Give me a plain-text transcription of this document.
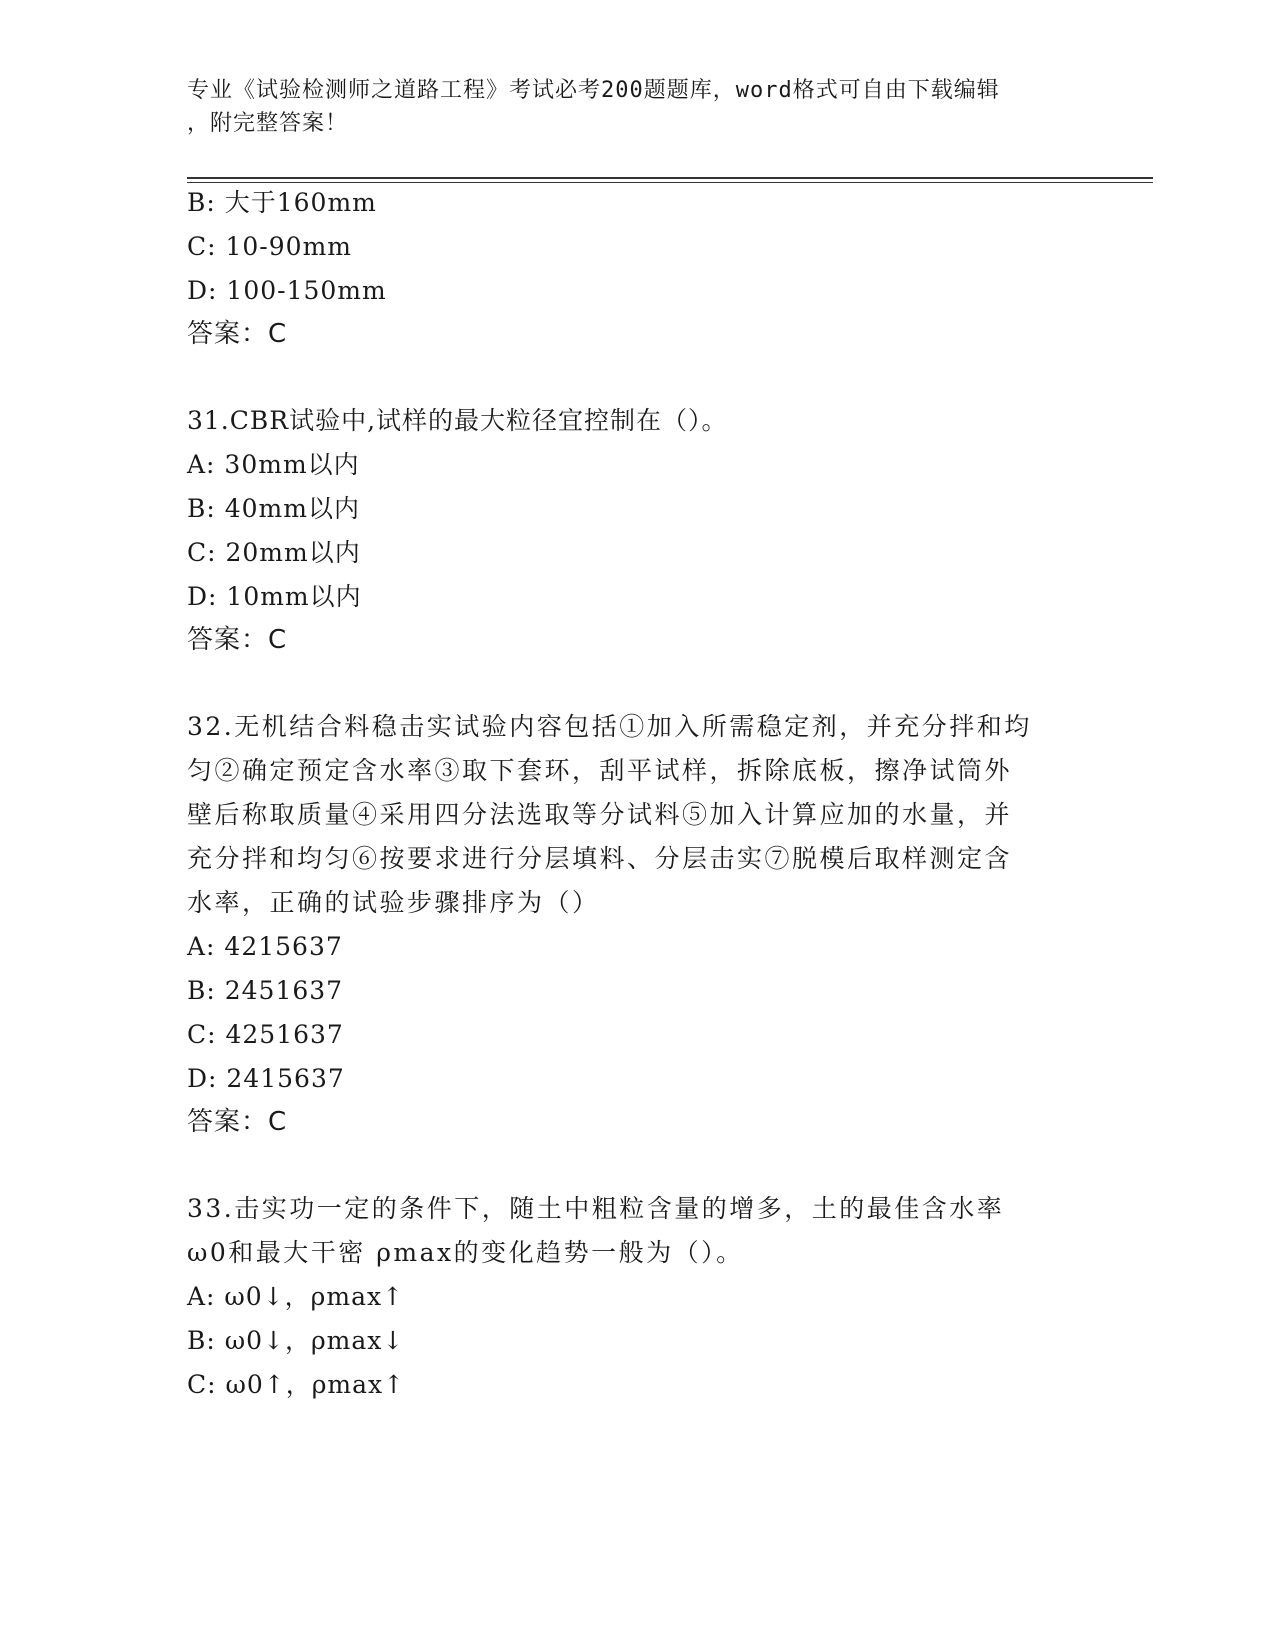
专业《试验检测师之道路工程》考试必考200题题库，word格式可自由下载编辑
，附完整答案！
B: 大于160mm
C: 10-90mm
D: 100-150mm
答案：C
31.CBR试验中,试样的最大粒径宜控制在（）。
A: 30mm以内
B: 40mm以内
C: 20mm以内
D: 10mm以内
答案：C
32.无机结合料稳击实试验内容包括①加入所需稳定剂，并充分拌和均
匀②确定预定含水率③取下套环，刮平试样，拆除底板，擦净试筒外
壁后称取质量④采用四分法选取等分试料⑤加入计算应加的水量，并
充分拌和均匀⑥按要求进行分层填料、分层击实⑦脱模后取样测定含
水率，正确的试验步骤排序为（）
A: 4215637
B: 2451637
C: 4251637
D: 2415637
答案：C
33.击实功一定的条件下，随土中粗粒含量的增多，土的最佳含水率
ω0和最大干密 ρmax的变化趋势一般为（）。
A: ω0↓，ρmax↑
B: ω0↓，ρmax↓
C: ω0↑，ρmax↑
